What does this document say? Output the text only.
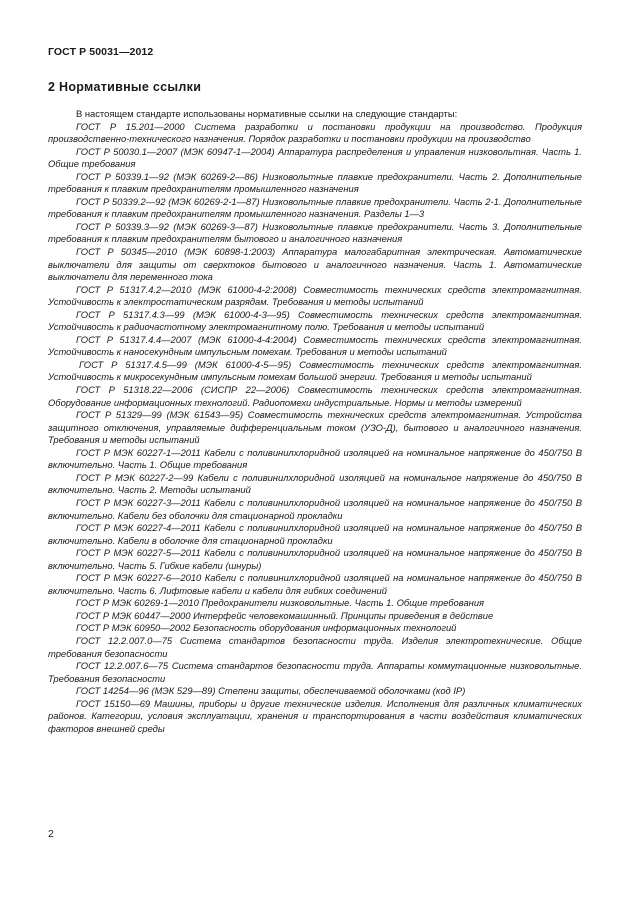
ГОСТ Р 50031—2012
2 Нормативные ссылки

В настоящем стандарте использованы нормативные ссылки на следующие стандарты:

ГОСТ Р 15.201—2000 Система разработки и постановки продукции на производство. Продукция производственно-технического назначения. Порядок разработки и постановки продукции на производство

ГОСТ Р 50030.1—2007 (МЭК 60947-1—2004) Аппаратура распределения и управления низковольтная. Часть 1. Общие требования

ГОСТ Р 50339.1—92 (МЭК 60269-2—86) Низковольтные плавкие предохранители. Часть 2. Дополнительные требования к плавким предохранителям промышленного назначения

ГОСТ Р 50339.2—92 (МЭК 60269-2-1—87) Низковольтные плавкие предохранители. Часть 2-1. Дополнительные требования к плавким предохранителям промышленного назначения. Разделы 1—3

ГОСТ Р 50339.3—92 (МЭК 60269-3—87) Низковольтные плавкие предохранители. Часть 3. Дополнительные требования к плавким предохранителям бытового и аналогичного назначения

ГОСТ Р 50345—2010 (МЭК 60898-1:2003) Аппаратура малогабаритная электрическая. Автоматические выключатели для защиты от сверхтоков бытового и аналогичного назначения. Часть 1. Автоматические выключатели для переменного тока

ГОСТ Р 51317.4.2—2010 (МЭК 61000-4-2:2008) Совместимость технических средств электромагнитная. Устойчивость к электростатическим разрядам. Требования и методы испытаний

ГОСТ Р 51317.4.3—99 (МЭК 61000-4-3—95) Совместимость технических средств электромагнитная. Устойчивость к радиочастотному электромагнитному полю. Требования и методы испытаний

ГОСТ Р 51317.4.4—2007 (МЭК 61000-4-4:2004) Совместимость технических средств электромагнитная. Устойчивость к наносекундным импульсным помехам. Требования и методы испытаний

ГОСТ Р 51317.4.5—99 (МЭК 61000-4-5—95) Совместимость технических средств электромагнитная. Устойчивость к микросекундным импульсным помехам большой энергии. Требования и методы испытаний

ГОСТ Р 51318.22—2006 (СИСПР 22—2006) Совместимость технических средств электромагнитная. Оборудование информационных технологий. Радиопомехи индустриальные. Нормы и методы измерений

ГОСТ Р 51329—99 (МЭК 61543—95) Совместимость технических средств электромагнитная. Устройства защитного отключения, управляемые дифференциальным током (УЗО-Д), бытового и аналогичного назначения. Требования и методы испытаний

ГОСТ Р МЭК 60227-1—2011 Кабели с поливинилхлоридной изоляцией на номинальное напряжение до 450/750 В включительно. Часть 1. Общие требования

ГОСТ Р МЭК 60227-2—99 Кабели с поливинилхлоридной изоляцией на номинальное напряжение до 450/750 В включительно. Часть 2. Методы испытаний

ГОСТ Р МЭК 60227-3—2011 Кабели с поливинилхлоридной изоляцией на номинальное напряжение до 450/750 В включительно. Кабели без оболочки для стационарной прокладки

ГОСТ Р МЭК 60227-4—2011 Кабели с поливинилхлоридной изоляцией на номинальное напряжение до 450/750 В включительно. Кабели в оболочке для стационарной прокладки

ГОСТ Р МЭК 60227-5—2011 Кабели с поливинилхлоридной изоляцией на номинальное напряжение до 450/750 В включительно. Часть 5. Гибкие кабели (шнуры)

ГОСТ Р МЭК 60227-6—2010 Кабели с поливинилхлоридной изоляцией на номинальное напряжение до 450/750 В включительно. Часть 6. Лифтовые кабели и кабели для гибких соединений

ГОСТ Р МЭК 60269-1—2010 Предохранители низковольтные. Часть 1. Общие требования

ГОСТ Р МЭК 60447—2000 Интерфейс человекомашинный. Принципы приведения в действие

ГОСТ Р МЭК 60950—2002 Безопасность оборудования информационных технологий

ГОСТ 12.2.007.0—75 Система стандартов безопасности труда. Изделия электротехнические. Общие требования безопасности

ГОСТ 12.2.007.6—75 Система стандартов безопасности труда. Аппараты коммутационные низковольтные. Требования безопасности

ГОСТ 14254—96 (МЭК 529—89) Степени защиты, обеспечиваемой оболочками (код IP)

ГОСТ 15150—69 Машины, приборы и другие технические изделия. Исполнения для различных климатических районов. Категории, условия эксплуатации, хранения и транспортирования в части воздействия климатических факторов внешней среды

2
